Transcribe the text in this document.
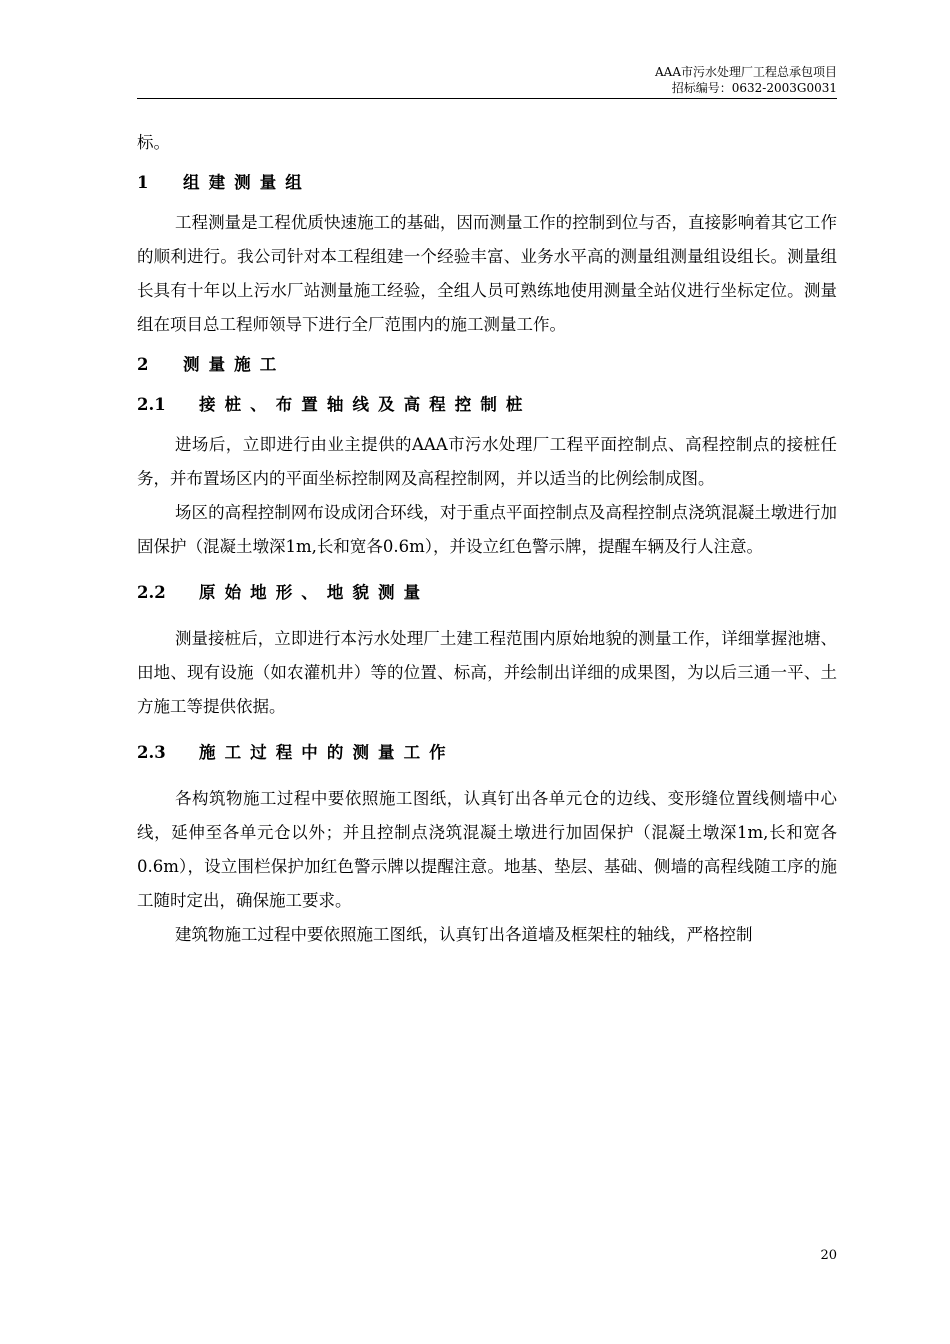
AAA市污水处理厂工程总承包项目
招标编号：0632-2003G0031

标。

1 组建测量组

工程测量是工程优质快速施工的基础，因而测量工作的控制到位与否，直接影响着其它工作的顺利进行。我公司针对本工程组建一个经验丰富、业务水平高的测量组测量组设组长。测量组长具有十年以上污水厂站测量施工经验，全组人员可熟练地使用测量全站仪进行坐标定位。测量组在项目总工程师领导下进行全厂范围内的施工测量工作。

2 测量施工
2.1 接桩、布置轴线及高程控制桩

进场后，立即进行由业主提供的AAA市污水处理厂工程平面控制点、高程控制点的接桩任务，并布置场区内的平面坐标控制网及高程控制网，并以适当的比例绘制成图。

场区的高程控制网布设成闭合环线，对于重点平面控制点及高程控制点浇筑混凝土墩进行加固保护（混凝土墩深1m,长和宽各0.6m），并设立红色警示牌，提醒车辆及行人注意。

2.2 原始地形、地貌测量

测量接桩后，立即进行本污水处理厂土建工程范围内原始地貌的测量工作，详细掌握池塘、田地、现有设施（如农灌机井）等的位置、标高，并绘制出详细的成果图，为以后三通一平、土方施工等提供依据。

2.3 施工过程中的测量工作

各构筑物施工过程中要依照施工图纸，认真钉出各单元仓的边线、变形缝位置线侧墙中心线，延伸至各单元仓以外；并且控制点浇筑混凝土墩进行加固保护（混凝土墩深1m,长和宽各0.6m），设立围栏保护加红色警示牌以提醒注意。地基、垫层、基础、侧墙的高程线随工序的施工随时定出，确保施工要求。

建筑物施工过程中要依照施工图纸，认真钉出各道墙及框架柱的轴线，严格控制

20
